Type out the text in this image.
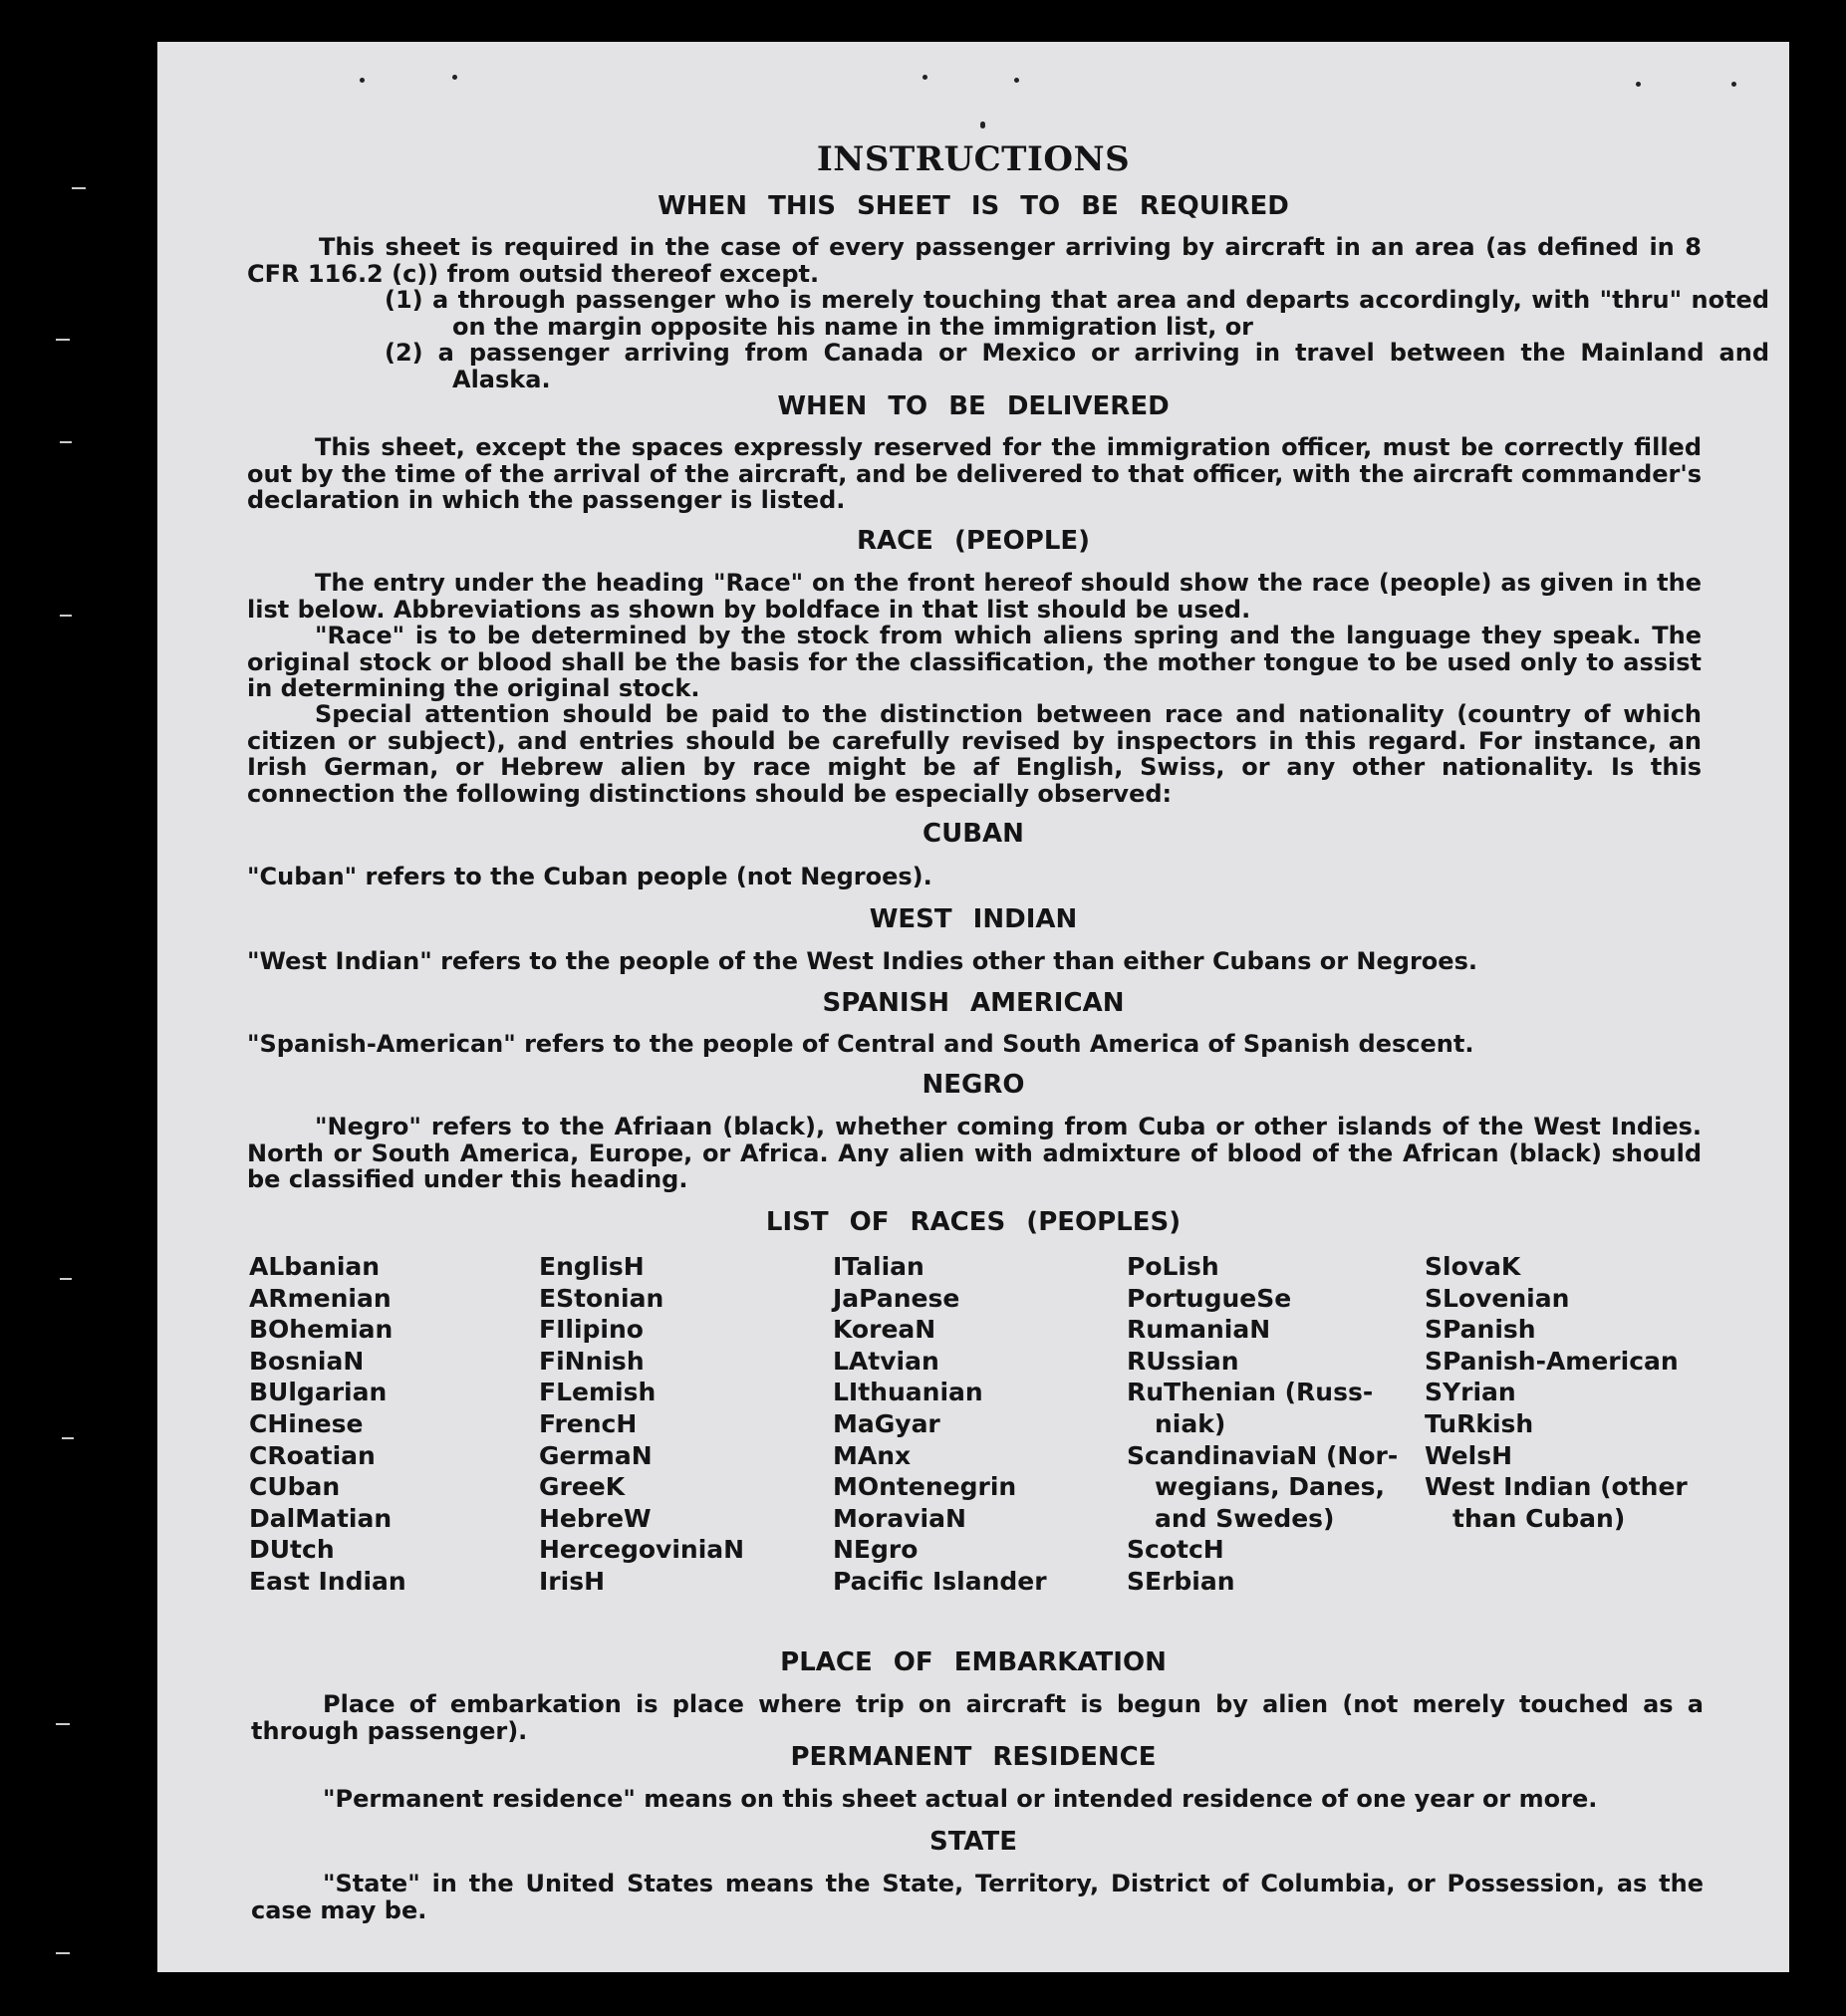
INSTRUCTIONS
WHEN THIS SHEET IS TO BE REQUIRED
This sheet is required in the case of every passenger arriving by aircraft in an area (as defined in 8 CFR 116.2 (c)) from outsid thereof except.
(1) a through passenger who is merely touching that area and departs accordingly, with "thru" noted on the margin opposite his name in the immigration list, or
(2) a passenger arriving from Canada or Mexico or arriving in travel between the Mainland and Alaska.
WHEN TO BE DELIVERED
This sheet, except the spaces expressly reserved for the immigration officer, must be correctly filled out by the time of the arrival of the aircraft, and be delivered to that officer, with the aircraft commander's declaration in which the passenger is listed.
RACE (PEOPLE)
The entry under the heading "Race" on the front hereof should show the race (people) as given in the list below. Abbreviations as shown by boldface in that list should be used.
"Race" is to be determined by the stock from which aliens spring and the language they speak. The original stock or blood shall be the basis for the classification, the mother tongue to be used only to assist in determining the original stock.
Special attention should be paid to the distinction between race and nationality (country of which citizen or subject), and entries should be carefully revised by inspectors in this regard. For instance, an Irish German, or Hebrew alien by race might be af English, Swiss, or any other nationality. Is this connection the following distinctions should be especially observed:
CUBAN
"Cuban" refers to the Cuban people (not Negroes).
WEST INDIAN
"West Indian" refers to the people of the West Indies other than either Cubans or Negroes.
SPANISH AMERICAN
"Spanish-American" refers to the people of Central and South America of Spanish descent.
NEGRO
"Negro" refers to the Afriaan (black), whether coming from Cuba or other islands of the West Indies. North or South America, Europe, or Africa. Any alien with admixture of blood of the African (black) should be classified under this heading.
LIST OF RACES (PEOPLES)
ALbanian
ARmenian
BOhemian
BosniaN
BUlgarian
CHinese
CRoatian
CUban
DalMatian
DUtch
East Indian
EnglisH
EStonian
FIlipino
FiNnish
FLemish
FrencH
GermaN
GreeK
HebreW
HercegoviniaN
IrisH
ITalian
JaPanese
KoreaN
LAtvian
LIthuanian
MaGyar
MAnx
MOntenegrin
MoraviaN
NEgro
Pacific Islander
PoLish
PortugueSe
RumaniaN
RUssian
RuThenian (Russ-
niak)
ScandinaviaN (Nor-
wegians, Danes,
and Swedes)
ScotcH
SErbian
SlovaK
SLovenian
SPanish
SPanish-American
SYrian
TuRkish
WelsH
West Indian (other
than Cuban)
PLACE OF EMBARKATION
Place of embarkation is place where trip on aircraft is begun by alien (not merely touched as a through passenger).
PERMANENT RESIDENCE
"Permanent residence" means on this sheet actual or intended residence of one year or more.
STATE
"State" in the United States means the State, Territory, District of Columbia, or Possession, as the case may be.
